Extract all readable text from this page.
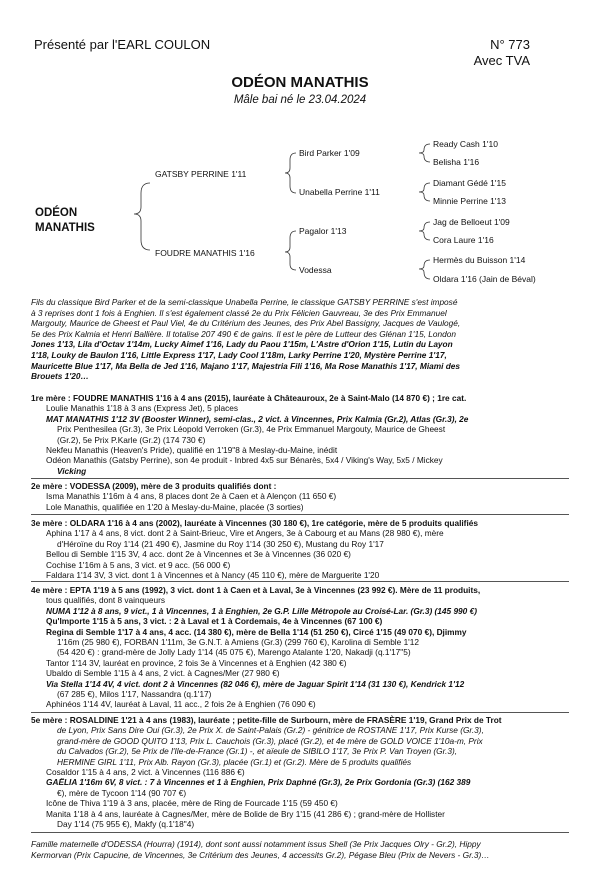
Présenté par l'EARL COULON	N° 773
Avec TVA
ODÉON MANATHIS
Mâle bai né le 23.04.2024
ODÉON
MANATHIS
GATSBY PERRINE 1'11
FOUDRE MANATHIS 1'16
Bird Parker 1'09
Unabella Perrine 1'11
Pagalor 1'13
Vodessa
Ready Cash 1'10
Belisha 1'16
Diamant Gédé 1'15
Minnie Perrine 1'13
Jag de Belloeut 1'09
Cora Laure 1'16
Hermès du Buisson 1'14
Oldara 1'16 (Jain de Béval)
Fils du classique Bird Parker et de la semi-classique Unabella Perrine, le classique GATSBY PERRINE s'est imposé
à 3 reprises dont 1 fois à Enghien. Il s'est également classé 2e du Prix Félicien Gauvreau, 3e des Prix Emmanuel
Margouty, Maurice de Gheest et Paul Viel, 4e du Critérium des Jeunes, des Prix Abel Bassigny, Jacques de Vaulogé,
5e des Prix Kalmia et Henri Ballière. Il totalise 207 490 € de gains. Il est le père de Lutteur des Glénan 1'15, London
Jones 1'13, Lila d'Octav 1'14m, Lucky Aimef 1'16, Lady du Paou 1'15m, L'Astre d'Orion 1'15, Lutin du Layon
1'18, Louky de Baulon 1'16, Little Express 1'17, Lady Cool 1'18m, Larky Perrine 1'20, Mystère Perrine 1'17,
Mauricette Blue 1'17, Ma Bella de Jed 1'16, Majano 1'17, Majestria Fili 1'16, Ma Rose Manathis 1'17, Miami des
Brouets 1'20…
1re mère : FOUDRE MANATHIS 1'16 à 4 ans (2015), lauréate à Châteauroux, 2e à Saint-Malo (14 870 €) ; 1re cat.
Loulie Manathis 1'18 à 3 ans (Express Jet), 5 places
MAT MANATHIS 1'12 3V (Booster Winner), semi-clas., 2 vict. à Vincennes, Prix Kalmia (Gr.2), Atlas (Gr.3), 2e
Prix Penthesilea (Gr.3), 3e Prix Léopold Verroken (Gr.3), 4e Prix Emmanuel Margouty, Maurice de Gheest
(Gr.2), 5e Prix P.Karle (Gr.2) (174 730 €)
Nekfeu Manathis (Heaven's Pride), qualifié en 1'19"8 à Meslay-du-Maine, inédit
Odéon Manathis (Gatsby Perrine), son 4e produit - Inbred 4x5 sur Bénarès, 5x4 / Viking's Way, 5x5 / Mickey
Vicking
2e mère : VODESSA (2009), mère de 3 produits qualifiés dont :
Isma Manathis 1'16m à 4 ans, 8 places dont 2e à Caen et à Alençon (11 650 €)
Lole Manathis, qualifiée en 1'20 à Meslay-du-Maine, placée (3 sorties)
3e mère : OLDARA 1'16 à 4 ans (2002), lauréate à Vincennes (30 180 €), 1re catégorie, mère de 5 produits qualifiés
Aphina 1'17 à 4 ans, 8 vict. dont 2 à Saint-Brieuc, Vire et Angers, 3e à Cabourg et au Mans (28 980 €), mère
d'Héroïne du Roy 1'14 (21 490 €), Jasmine du Roy 1'14 (30 250 €), Mustang du Roy 1'17
Bellou di Semble 1'15 3V, 4 acc. dont 2e à Vincennes et 3e à Vincennes (36 020 €)
Cochise 1'16m à 5 ans, 3 vict. et 9 acc. (56 000 €)
Faldara 1'14 3V, 3 vict. dont 1 à Vincennes et à Nancy (45 110 €), mère de Marguerite 1'20
4e mère : EPTA 1'19 à 5 ans (1992), 3 vict. dont 1 à Caen et à Laval, 3e à Vincennes (23 992 €). Mère de 11 produits,
tous qualifiés, dont 8 vainqueurs
NUMA 1'12 à 8 ans, 9 vict., 1 à Vincennes, 1 à Enghien, 2e G.P. Lille Métropole au Croisé-Lar. (Gr.3) (145 990 €)
Qu'Importe 1'15 à 5 ans, 3 vict. : 2 à Laval et 1 à Cordemais, 4e à Vincennes (67 100 €)
Regina di Semble 1'17 à 4 ans, 4 acc. (14 380 €), mère de Bella 1'14 (51 250 €), Circé 1'15 (49 070 €), Djimmy
1'16m (25 980 €), FORBAN 1'11m, 3e G.N.T. à Amiens (Gr.3) (299 760 €), Karolina di Semble 1'12
(54 420 €) : grand-mère de Jolly Lady 1'14 (45 075 €), Marengo Atalante 1'20, Nakadji (q.1'17"5)
Tantor 1'14 3V, lauréat en province, 2 fois 3e à Vincennes et à Enghien (42 380 €)
Ubaldo di Semble 1'15 à 4 ans, 2 vict. à Cagnes/Mer (27 980 €)
Via Stella 1'14 4V, 4 vict. dont 2 à Vincennes (82 046 €), mère de Jaguar Spirit 1'14 (31 130 €), Kendrick 1'12
(67 285 €), Milos 1'17, Nassandra (q.1'17)
Aphinéos 1'14 4V, lauréat à Laval, 11 acc., 2 fois 2e à Enghien (76 090 €)
5e mère : ROSALDINE 1'21 à 4 ans (1983), lauréate ; petite-fille de Surbourn, mère de FRASÈRE 1'19, Grand Prix de Trot
de Lyon, Prix Sans Dire Oui (Gr.3), 2e Prix X. de Saint-Palais (Gr.2) - génitrice de ROSTANE 1'17, Prix Kurse (Gr.3),
grand-mère de GOOD QUITO 1'13, Prix L. Cauchois (Gr.3), placé (Gr.2), et 4e mère de GOLD VOICE 1'10a-m, Prix
du Calvados (Gr.2), 5e Prix de l'Ile-de-France (Gr.1) -, et aïeule de SIBILO 1'17, 3e Prix P. Van Troyen (Gr.3),
HERMINE GIRL 1'11, Prix Alb. Rayon (Gr.3), placée (Gr.1) et (Gr.2). Mère de 5 produits qualifiés
Cosaldor 1'15 à 4 ans, 2 vict. à Vincennes (116 886 €)
GAËLIA 1'16m 6V, 8 vict. : 7 à Vincennes et 1 à Enghien, Prix Daphné (Gr.3), 2e Prix Gordonia (Gr.3) (162 389
€), mère de Tycoon 1'14 (90 707 €)
Icône de Thiva 1'19 à 3 ans, placée, mère de Ring de Fourcade 1'15 (59 450 €)
Manita 1'18 à 4 ans, lauréate à Cagnes/Mer, mère de Bolide de Bry 1'15 (41 286 €) ; grand-mère de Hollister
Day 1'14 (75 955 €), Makfy (q.1'18"4)
Famille maternelle d'ODESSA (Hourra) (1914), dont sont aussi notamment issus Shell (3e Prix Jacques Olry - Gr.2), Hippy
Kermorvan (Prix Capucine, de Vincennes, 3e Critérium des Jeunes, 4 accessits Gr.2), Pégase Bleu (Prix de Nevers - Gr.3)…
